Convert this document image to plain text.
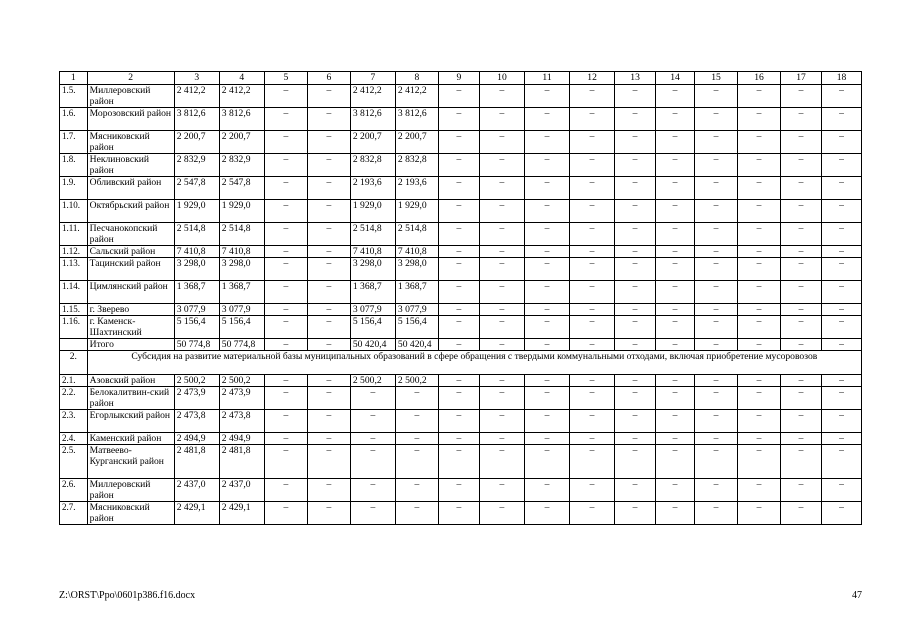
1	2	3	4	5	6	7	8	9	10	11	12	13	14	15	16	17	18
1.5.	Миллеровский район	2 412,2	2 412,2	–	–	2 412,2	2 412,2	–	–	–	–	–	–	–	–	–	–
1.6.	Морозовский район	3 812,6	3 812,6	–	–	3 812,6	3 812,6	–	–	–	–	–	–	–	–	–	–
1.7.	Мясниковский район	2 200,7	2 200,7	–	–	2 200,7	2 200,7	–	–	–	–	–	–	–	–	–	–
1.8.	Неклиновский район	2 832,9	2 832,9	–	–	2 832,8	2 832,8	–	–	–	–	–	–	–	–	–	–
1.9.	Обливский район	2 547,8	2 547,8	–	–	2 193,6	2 193,6	–	–	–	–	–	–	–	–	–	–
1.10.	Октябрьский район	1 929,0	1 929,0	–	–	1 929,0	1 929,0	–	–	–	–	–	–	–	–	–	–
1.11.	Песчанокопский район	2 514,8	2 514,8	–	–	2 514,8	2 514,8	–	–	–	–	–	–	–	–	–	–
1.12.	Сальский район	7 410,8	7 410,8	–	–	7 410,8	7 410,8	–	–	–	–	–	–	–	–	–	–
1.13.	Тацинский район	3 298,0	3 298,0	–	–	3 298,0	3 298,0	–	–	–	–	–	–	–	–	–	–
1.14.	Цимлянский район	1 368,7	1 368,7	–	–	1 368,7	1 368,7	–	–	–	–	–	–	–	–	–	–
1.15.	г. Зверево	3 077,9	3 077,9	–	–	3 077,9	3 077,9	–	–	–	–	–	–	–	–	–	–
1.16.	г. Каменск-Шахтинский	5 156,4	5 156,4	–	–	5 156,4	5 156,4	–	–	–	–	–	–	–	–	–	–
	Итого	50 774,8	50 774,8	–	–	50 420,4	50 420,4	–	–	–	–	–	–	–	–	–	–
2.	Субсидия на развитие материальной базы муниципальных образований в сфере обращения с твердыми коммунальными отходами, включая приобретение мусоровозов																
2.1.	Азовский район	2 500,2	2 500,2	–	–	2 500,2	2 500,2	–	–	–	–	–	–	–	–	–	–
2.2.	Белокалитвин-ский район	2 473,9	2 473,9	–	–	–	–	–	–	–	–	–	–	–	–	–	–
2.3.	Егорлыкский район	2 473,8	2 473,8	–	–	–	–	–	–	–	–	–	–	–	–	–	–
2.4.	Каменский район	2 494,9	2 494,9	–	–	–	–	–	–	–	–	–	–	–	–	–	–
2.5.	Матвеево-Курганский район	2 481,8	2 481,8	–	–	–	–	–	–	–	–	–	–	–	–	–	–
2.6.	Миллеровский район	2 437,0	2 437,0	–	–	–	–	–	–	–	–	–	–	–	–	–	–
2.7.	Мясниковский район	2 429,1	2 429,1	–	–	–	–	–	–	–	–	–	–	–	–	–	–
Z:\ORST\Ppo\0601p386.f16.docx	47
